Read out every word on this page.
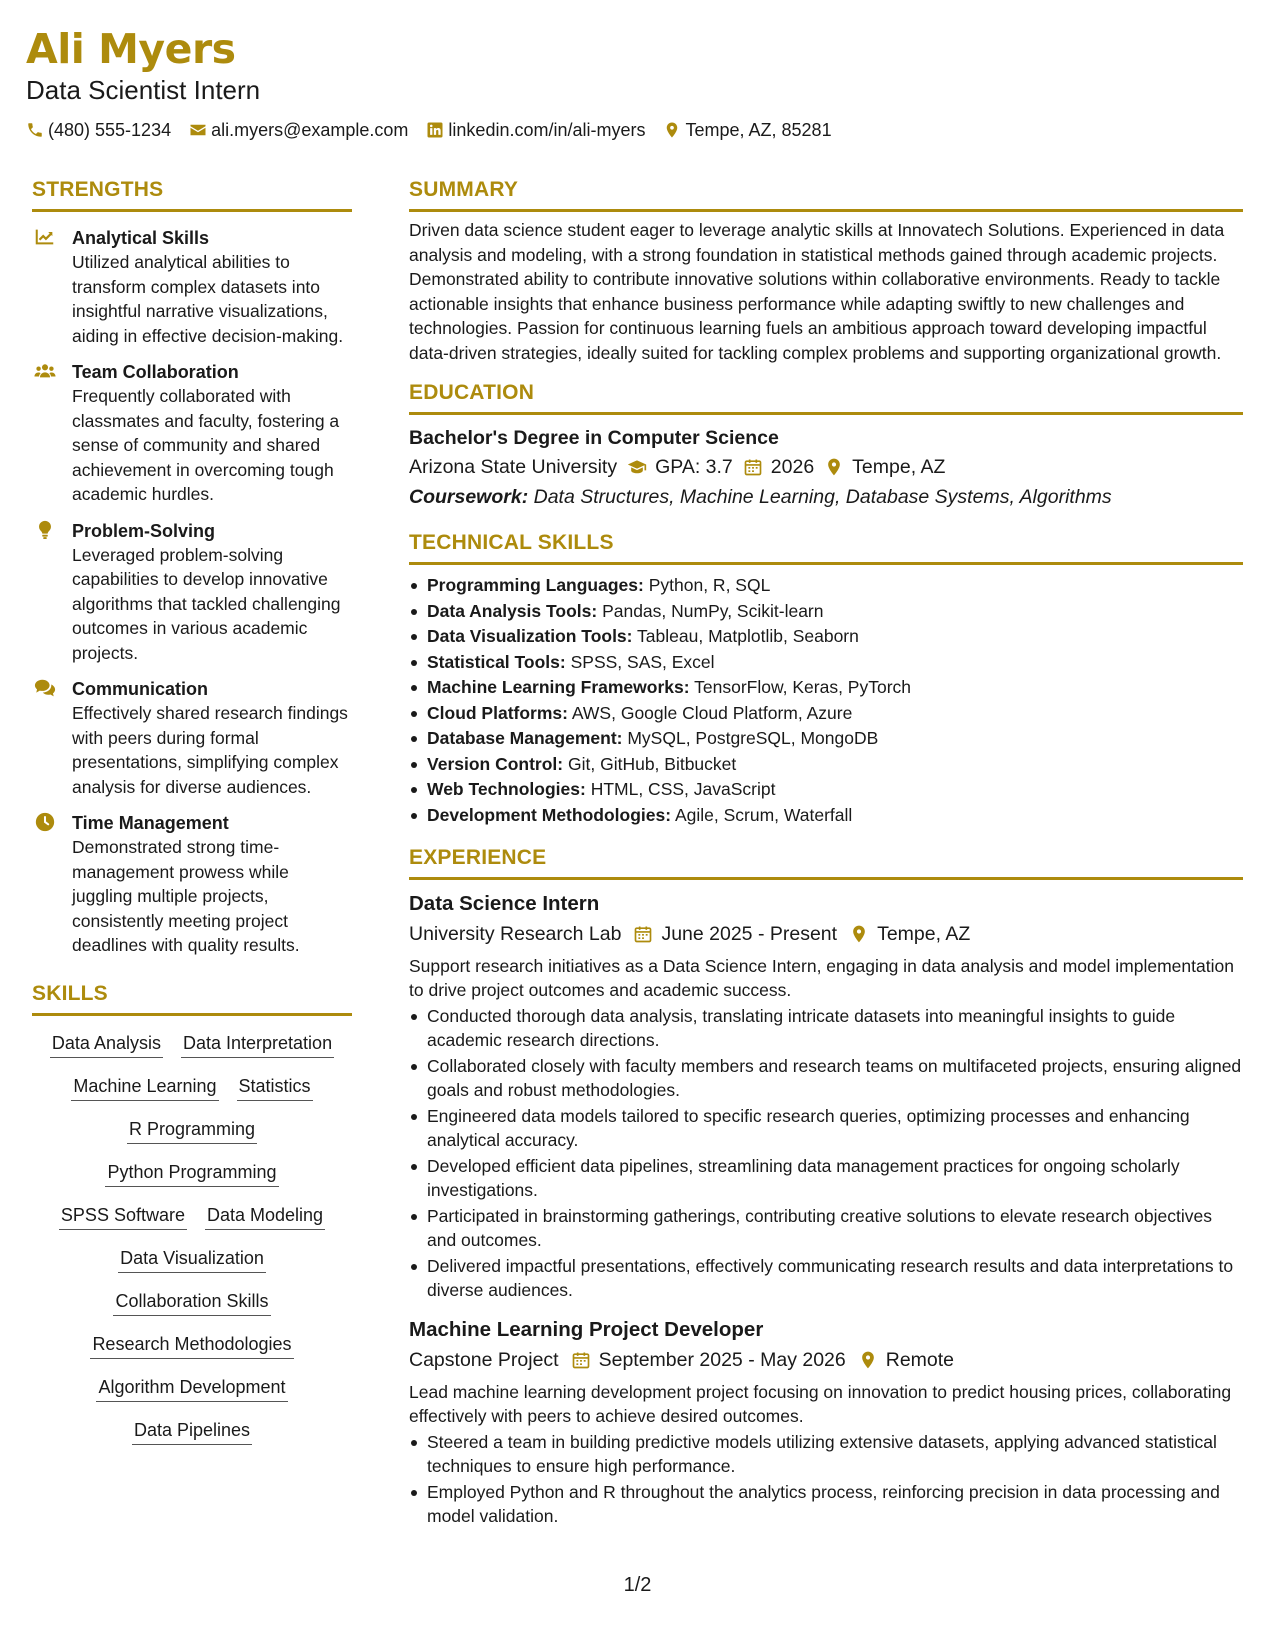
Ali Myers
Data Scientist Intern
(480) 555-1234 ali.myers@example.com linkedin.com/in/ali-myers Tempe, AZ, 85281
STRENGTHS
Analytical Skills
Utilized analytical abilities to transform complex datasets into insightful narrative visualizations, aiding in effective decision-making.
Team Collaboration
Frequently collaborated with classmates and faculty, fostering a sense of community and shared achievement in overcoming tough academic hurdles.
Problem-Solving
Leveraged problem-solving capabilities to develop innovative algorithms that tackled challenging outcomes in various academic projects.
Communication
Effectively shared research findings with peers during formal presentations, simplifying complex analysis for diverse audiences.
Time Management
Demonstrated strong time-management prowess while juggling multiple projects, consistently meeting project deadlines with quality results.
SKILLS
Data Analysis Data Interpretation
Machine Learning Statistics
R Programming
Python Programming
SPSS Software Data Modeling
Data Visualization
Collaboration Skills
Research Methodologies
Algorithm Development
Data Pipelines
SUMMARY
Driven data science student eager to leverage analytic skills at Innovatech Solutions. Experienced in data analysis and modeling, with a strong foundation in statistical methods gained through academic projects. Demonstrated ability to contribute innovative solutions within collaborative environments. Ready to tackle actionable insights that enhance business performance while adapting swiftly to new challenges and technologies. Passion for continuous learning fuels an ambitious approach toward developing impactful data-driven strategies, ideally suited for tackling complex problems and supporting organizational growth.
EDUCATION
Bachelor's Degree in Computer Science
Arizona State University GPA: 3.7 2026 Tempe, AZ
Coursework: Data Structures, Machine Learning, Database Systems, Algorithms
TECHNICAL SKILLS
Programming Languages: Python, R, SQL
Data Analysis Tools: Pandas, NumPy, Scikit-learn
Data Visualization Tools: Tableau, Matplotlib, Seaborn
Statistical Tools: SPSS, SAS, Excel
Machine Learning Frameworks: TensorFlow, Keras, PyTorch
Cloud Platforms: AWS, Google Cloud Platform, Azure
Database Management: MySQL, PostgreSQL, MongoDB
Version Control: Git, GitHub, Bitbucket
Web Technologies: HTML, CSS, JavaScript
Development Methodologies: Agile, Scrum, Waterfall
EXPERIENCE
Data Science Intern
University Research Lab June 2025 - Present Tempe, AZ
Support research initiatives as a Data Science Intern, engaging in data analysis and model implementation to drive project outcomes and academic success.
Conducted thorough data analysis, translating intricate datasets into meaningful insights to guide academic research directions.
Collaborated closely with faculty members and research teams on multifaceted projects, ensuring aligned goals and robust methodologies.
Engineered data models tailored to specific research queries, optimizing processes and enhancing analytical accuracy.
Developed efficient data pipelines, streamlining data management practices for ongoing scholarly investigations.
Participated in brainstorming gatherings, contributing creative solutions to elevate research objectives and outcomes.
Delivered impactful presentations, effectively communicating research results and data interpretations to diverse audiences.
Machine Learning Project Developer
Capstone Project September 2025 - May 2026 Remote
Lead machine learning development project focusing on innovation to predict housing prices, collaborating effectively with peers to achieve desired outcomes.
Steered a team in building predictive models utilizing extensive datasets, applying advanced statistical techniques to ensure high performance.
Employed Python and R throughout the analytics process, reinforcing precision in data processing and model validation.
1/2
